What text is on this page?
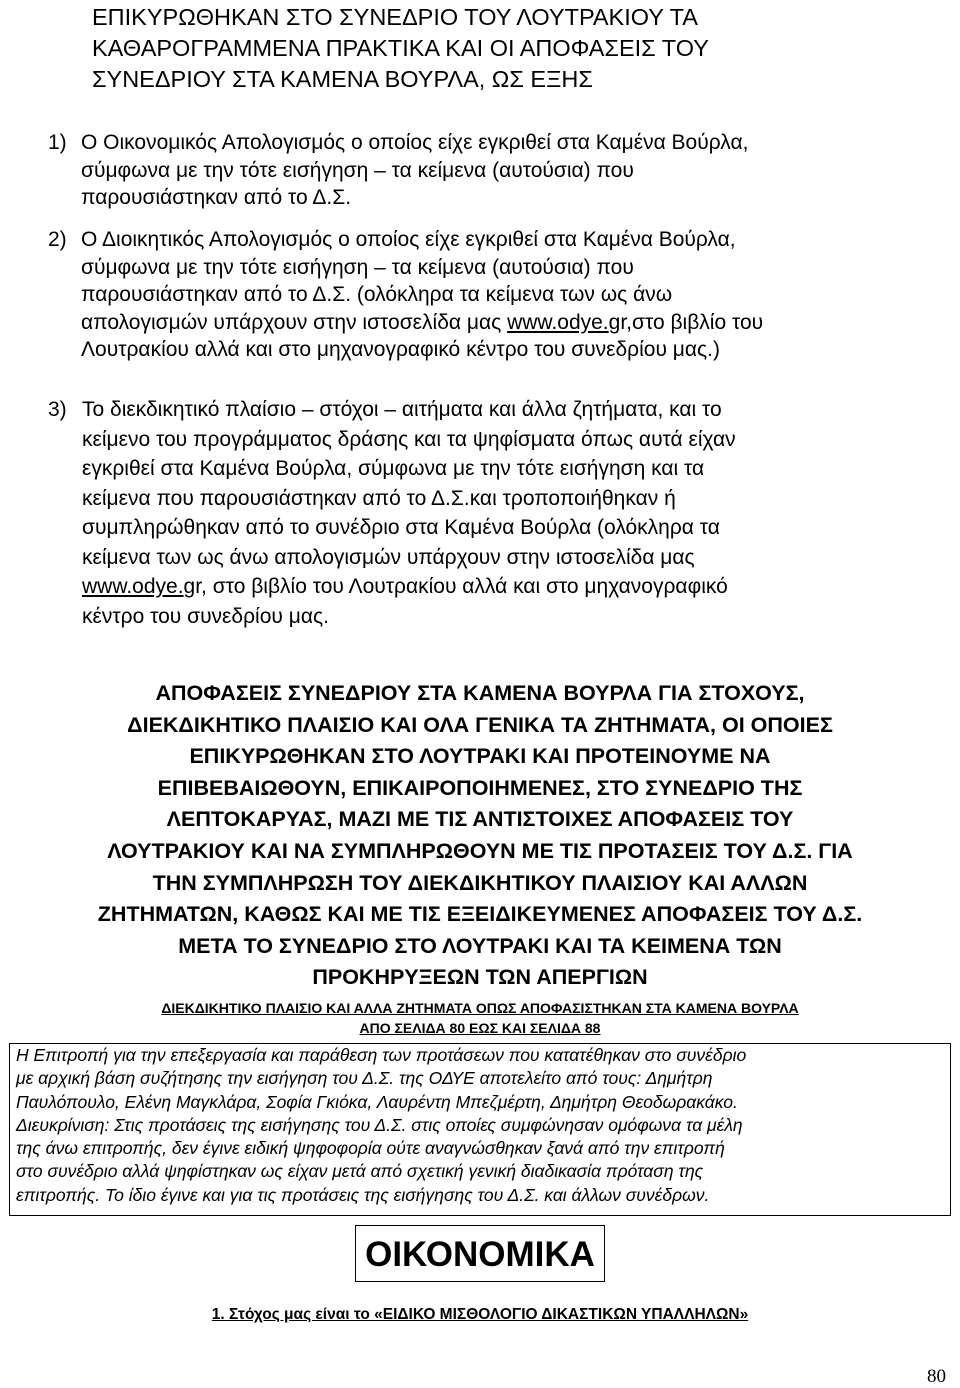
ΕΠΙΚΥΡΩΘΗΚΑΝ ΣΤΟ ΣΥΝΕΔΡΙΟ ΤΟΥ ΛΟΥΤΡΑΚΙΟΥ ΤΑ
ΚΑΘΑΡΟΓΡΑΜΜΕΝΑ ΠΡΑΚΤΙΚΑ ΚΑΙ ΟΙ ΑΠΟΦΑΣΕΙΣ ΤΟΥ
ΣΥΝΕΔΡΙΟΥ ΣΤΑ ΚΑΜΕΝΑ ΒΟΥΡΛΑ, ΩΣ ΕΞΗΣ
1) Ο Οικονομικός Απολογισμός ο οποίος είχε εγκριθεί στα Καμένα Βούρλα,
σύμφωνα με την τότε εισήγηση – τα κείμενα (αυτούσια) που
παρουσιάστηκαν από το Δ.Σ.
2) Ο Διοικητικός Απολογισμός ο οποίος είχε εγκριθεί στα Καμένα Βούρλα,
σύμφωνα με την τότε εισήγηση – τα κείμενα (αυτούσια) που
παρουσιάστηκαν από το Δ.Σ. (ολόκληρα τα κείμενα των ως άνω
απολογισμών υπάρχουν στην ιστοσελίδα μας www.odye.gr,στο βιβλίο του
Λουτρακίου αλλά και στο μηχανογραφικό κέντρο του συνεδρίου μας.)
3) Το διεκδικητικό πλαίσιο – στόχοι – αιτήματα και άλλα ζητήματα, και το
κείμενο του προγράμματος δράσης και τα ψηφίσματα όπως αυτά είχαν
εγκριθεί στα Καμένα Βούρλα, σύμφωνα με την τότε εισήγηση και τα
κείμενα που παρουσιάστηκαν από το Δ.Σ.και τροποποιήθηκαν ή
συμπληρώθηκαν από το συνέδριο στα Καμένα Βούρλα (ολόκληρα τα
κείμενα των ως άνω απολογισμών υπάρχουν στην ιστοσελίδα μας
www.odye.gr, στο βιβλίο του Λουτρακίου αλλά και στο μηχανογραφικό
κέντρο του συνεδρίου μας.
ΑΠΟΦΑΣΕΙΣ ΣΥΝΕΔΡΙΟΥ ΣΤΑ ΚΑΜΕΝΑ ΒΟΥΡΛΑ ΓΙΑ ΣΤΟΧΟΥΣ,
ΔΙΕΚΔΙΚΗΤΙΚΟ ΠΛΑΙΣΙΟ ΚΑΙ ΟΛΑ ΓΕΝΙΚΑ ΤΑ ΖΗΤΗΜΑΤΑ, ΟΙ ΟΠΟΙΕΣ
ΕΠΙΚΥΡΩΘΗΚΑΝ ΣΤΟ ΛΟΥΤΡΑΚΙ ΚΑΙ ΠΡΟΤΕΙΝΟΥΜΕ ΝΑ
ΕΠΙΒΕΒΑΙΩΘΟΥΝ, ΕΠΙΚΑΙΡΟΠΟΙΗΜΕΝΕΣ, ΣΤΟ ΣΥΝΕΔΡΙΟ ΤΗΣ
ΛΕΠΤΟΚΑΡΥΑΣ, ΜΑΖΙ ΜΕ ΤΙΣ ΑΝΤΙΣΤΟΙΧΕΣ ΑΠΟΦΑΣΕΙΣ ΤΟΥ
ΛΟΥΤΡΑΚΙΟΥ ΚΑΙ ΝΑ ΣΥΜΠΛΗΡΩΘΟΥΝ ΜΕ ΤΙΣ ΠΡΟΤΑΣΕΙΣ ΤΟΥ Δ.Σ. ΓΙΑ
ΤΗΝ ΣΥΜΠΛΗΡΩΣΗ ΤΟΥ ΔΙΕΚΔΙΚΗΤΙΚΟΥ ΠΛΑΙΣΙΟΥ ΚΑΙ ΑΛΛΩΝ
ΖΗΤΗΜΑΤΩΝ, ΚΑΘΩΣ ΚΑΙ ΜΕ ΤΙΣ ΕΞΕΙΔΙΚΕΥΜΕΝΕΣ ΑΠΟΦΑΣΕΙΣ ΤΟΥ Δ.Σ.
ΜΕΤΑ ΤΟ ΣΥΝΕΔΡΙΟ ΣΤΟ ΛΟΥΤΡΑΚΙ ΚΑΙ ΤΑ ΚΕΙΜΕΝΑ ΤΩΝ
ΠΡΟΚΗΡΥΞΕΩΝ ΤΩΝ ΑΠΕΡΓΙΩΝ
ΔΙΕΚΔΙΚΗΤΙΚΟ ΠΛΑΙΣΙΟ ΚΑΙ ΑΛΛΑ ΖΗΤΗΜΑΤΑ ΟΠΩΣ ΑΠΟΦΑΣΙΣΤΗΚΑΝ ΣΤΑ ΚΑΜΕΝΑ ΒΟΥΡΛΑ
ΑΠΟ ΣΕΛΙΔΑ 80 ΕΩΣ ΚΑΙ ΣΕΛΙΔΑ 88

Η Επιτροπή για την επεξεργασία και παράθεση των προτάσεων που κατατέθηκαν στο συνέδριο

με αρχική βάση συζήτησης την εισήγηση του Δ.Σ. της ΟΔΥΕ αποτελείτο από τους: Δημήτρη

Παυλόπουλο, Ελένη Μαγκλάρα, Σοφία Γκιόκα, Λαυρέντη Μπεζμέρτη, Δημήτρη Θεοδωρακάκο.

Διευκρίνιση: Στις προτάσεις της εισήγησης του Δ.Σ. στις οποίες συμφώνησαν ομόφωνα τα μέλη

της άνω επιτροπής, δεν έγινε ειδική ψηφοφορία ούτε αναγνώσθηκαν ξανά από την επιτροπή

στο συνέδριο αλλά ψηφίστηκαν ως είχαν μετά από σχετική γενική διαδικασία πρόταση της

επιτροπής. Το ίδιο έγινε και για τις προτάσεις της εισήγησης του Δ.Σ. και άλλων συνέδρων.

ΟΙΚΟΝΟΜΙΚΑ
1. Στόχος μας είναι το «ΕΙΔΙΚΟ ΜΙΣΘΟΛΟΓΙΟ ΔΙΚΑΣΤΙΚΩΝ ΥΠΑΛΛΗΛΩΝ»
80
